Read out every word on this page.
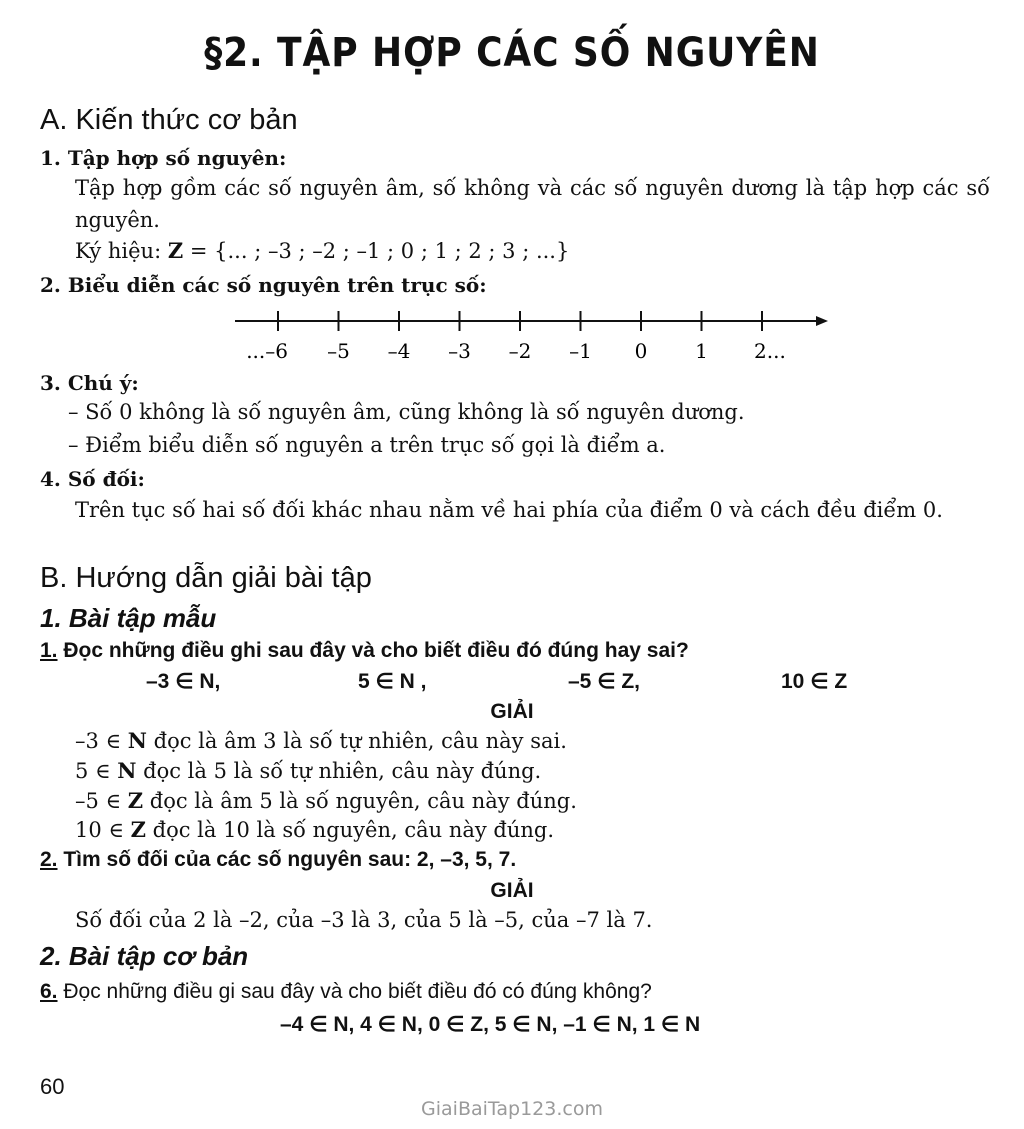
§2. TẬP HỢP CÁC SỐ NGUYÊN
A. Kiến thức cơ bản
1. Tập hợp số nguyên:
Tập hợp gồm các số nguyên âm, số không và các số nguyên dương là tập hợp các số nguyên.
Ký hiệu: Z = {... ; –3 ; –2 ; –1 ; 0 ; 1 ; 2 ; 3 ; ...}
2. Biểu diễn các số nguyên trên trục số:
...–6 –5 –4 –3 –2 –1 0 1 2...
3. Chú ý:
– Số 0 không là số nguyên âm, cũng không là số nguyên dương.
– Điểm biểu diễn số nguyên a trên trục số gọi là điểm a.
4. Số đối:
Trên tục số hai số đối khác nhau nằm về hai phía của điểm 0 và cách đều điểm 0.
B. Hướng dẫn giải bài tập
1. Bài tập mẫu
1. Đọc những điều ghi sau đây và cho biết điều đó đúng hay sai?
–3 ∈ N,	5 ∈ N ,	–5 ∈ Z,	10 ∈ Z
GIẢI
–3 ∈ N đọc là âm 3 là số tự nhiên, câu này sai.
5 ∈ N đọc là 5 là số tự nhiên, câu này đúng.
–5 ∈ Z đọc là âm 5 là số nguyên, câu này đúng.
10 ∈ Z đọc là 10 là số nguyên, câu này đúng.
2. Tìm số đối của các số nguyên sau: 2, –3, 5, 7.
GIẢI
Số đối của 2 là –2, của –3 là 3, của 5 là –5, của –7 là 7.
2. Bài tập cơ bản
6. Đọc những điều gi sau đây và cho biết điều đó có đúng không?
–4 ∈ N, 4 ∈ N, 0 ∈ Z, 5 ∈ N, –1 ∈ N, 1 ∈ N
60
GiaiBaiTap123.com
